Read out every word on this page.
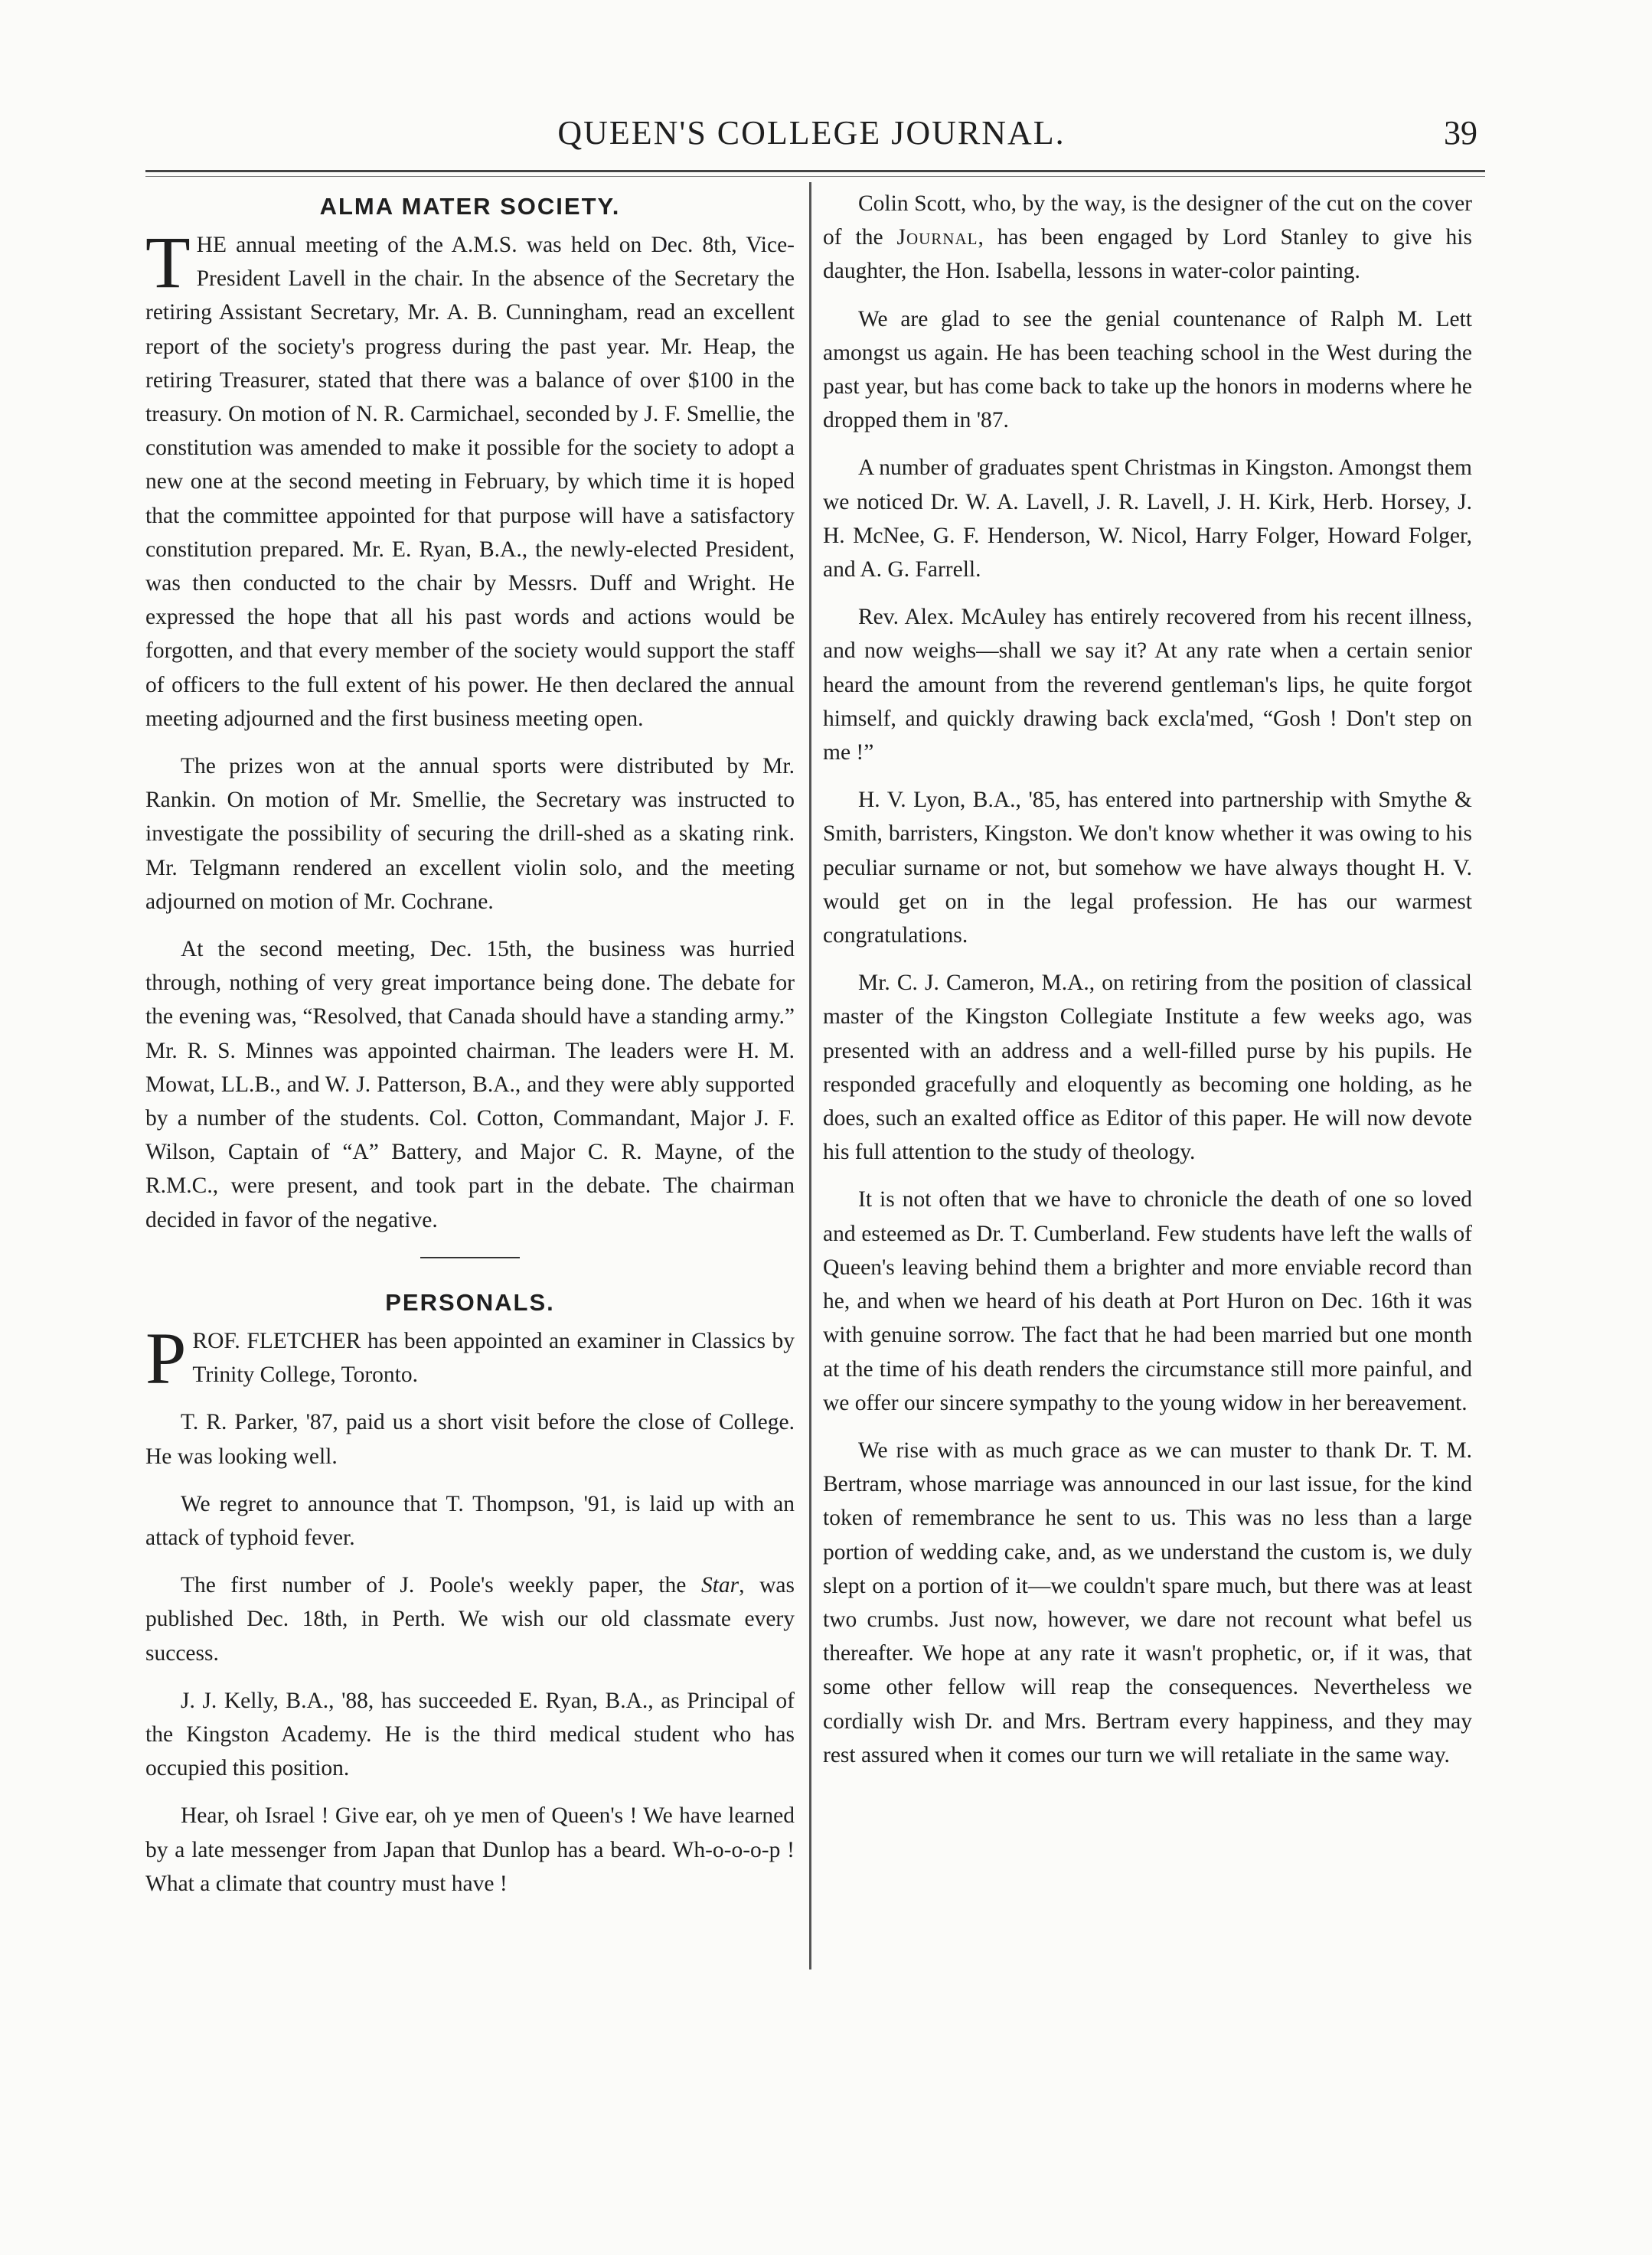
QUEEN'S COLLEGE JOURNAL.	39
ALMA MATER SOCIETY.

THE annual meeting of the A.M.S. was held on Dec. 8th, Vice-President Lavell in the chair. In the absence of the Secretary the retiring Assistant Secretary, Mr. A. B. Cunningham, read an excellent report of the society's progress during the past year. Mr. Heap, the retiring Treasurer, stated that there was a balance of over $100 in the treasury. On motion of N. R. Carmichael, seconded by J. F. Smellie, the constitution was amended to make it possible for the society to adopt a new one at the second meeting in February, by which time it is hoped that the committee appointed for that purpose will have a satisfactory constitution prepared. Mr. E. Ryan, B.A., the newly-elected President, was then conducted to the chair by Messrs. Duff and Wright. He expressed the hope that all his past words and actions would be forgotten, and that every member of the society would support the staff of officers to the full extent of his power. He then declared the annual meeting adjourned and the first business meeting open.

The prizes won at the annual sports were distributed by Mr. Rankin. On motion of Mr. Smellie, the Secretary was instructed to investigate the possibility of securing the drill-shed as a skating rink. Mr. Telgmann rendered an excellent violin solo, and the meeting adjourned on motion of Mr. Cochrane.

At the second meeting, Dec. 15th, the business was hurried through, nothing of very great importance being done. The debate for the evening was, “Resolved, that Canada should have a standing army.” Mr. R. S. Minnes was appointed chairman. The leaders were H. M. Mowat, LL.B., and W. J. Patterson, B.A., and they were ably supported by a number of the students. Col. Cotton, Commandant, Major J. F. Wilson, Captain of “A” Battery, and Major C. R. Mayne, of the R.M.C., were present, and took part in the debate. The chairman decided in favor of the negative.

PERSONALS.

PROF. FLETCHER has been appointed an examiner in Classics by Trinity College, Toronto.

T. R. Parker, '87, paid us a short visit before the close of College. He was looking well.

We regret to announce that T. Thompson, '91, is laid up with an attack of typhoid fever.

The first number of J. Poole's weekly paper, the Star, was published Dec. 18th, in Perth. We wish our old classmate every success.

J. J. Kelly, B.A., '88, has succeeded E. Ryan, B.A., as Principal of the Kingston Academy. He is the third medical student who has occupied this position.

Hear, oh Israel ! Give ear, oh ye men of Queen's ! We have learned by a late messenger from Japan that Dunlop has a beard. Wh-o-o-o-p ! What a climate that country must have !

Colin Scott, who, by the way, is the designer of the cut on the cover of the Journal, has been engaged by Lord Stanley to give his daughter, the Hon. Isabella, lessons in water-color painting.

We are glad to see the genial countenance of Ralph M. Lett amongst us again. He has been teaching school in the West during the past year, but has come back to take up the honors in moderns where he dropped them in '87.

A number of graduates spent Christmas in Kingston. Amongst them we noticed Dr. W. A. Lavell, J. R. Lavell, J. H. Kirk, Herb. Horsey, J. H. McNee, G. F. Henderson, W. Nicol, Harry Folger, Howard Folger, and A. G. Farrell.

Rev. Alex. McAuley has entirely recovered from his recent illness, and now weighs—shall we say it? At any rate when a certain senior heard the amount from the reverend gentleman's lips, he quite forgot himself, and quickly drawing back excla'med, “Gosh ! Don't step on me !”

H. V. Lyon, B.A., '85, has entered into partnership with Smythe & Smith, barristers, Kingston. We don't know whether it was owing to his peculiar surname or not, but somehow we have always thought H. V. would get on in the legal profession. He has our warmest congratulations.

Mr. C. J. Cameron, M.A., on retiring from the position of classical master of the Kingston Collegiate Institute a few weeks ago, was presented with an address and a well-filled purse by his pupils. He responded gracefully and eloquently as becoming one holding, as he does, such an exalted office as Editor of this paper. He will now devote his full attention to the study of theology.

It is not often that we have to chronicle the death of one so loved and esteemed as Dr. T. Cumberland. Few students have left the walls of Queen's leaving behind them a brighter and more enviable record than he, and when we heard of his death at Port Huron on Dec. 16th it was with genuine sorrow. The fact that he had been married but one month at the time of his death renders the circumstance still more painful, and we offer our sincere sympathy to the young widow in her bereavement.

We rise with as much grace as we can muster to thank Dr. T. M. Bertram, whose marriage was announced in our last issue, for the kind token of remembrance he sent to us. This was no less than a large portion of wedding cake, and, as we understand the custom is, we duly slept on a portion of it—we couldn't spare much, but there was at least two crumbs. Just now, however, we dare not recount what befel us thereafter. We hope at any rate it wasn't prophetic, or, if it was, that some other fellow will reap the consequences. Nevertheless we cordially wish Dr. and Mrs. Bertram every happiness, and they may rest assured when it comes our turn we will retaliate in the same way.
